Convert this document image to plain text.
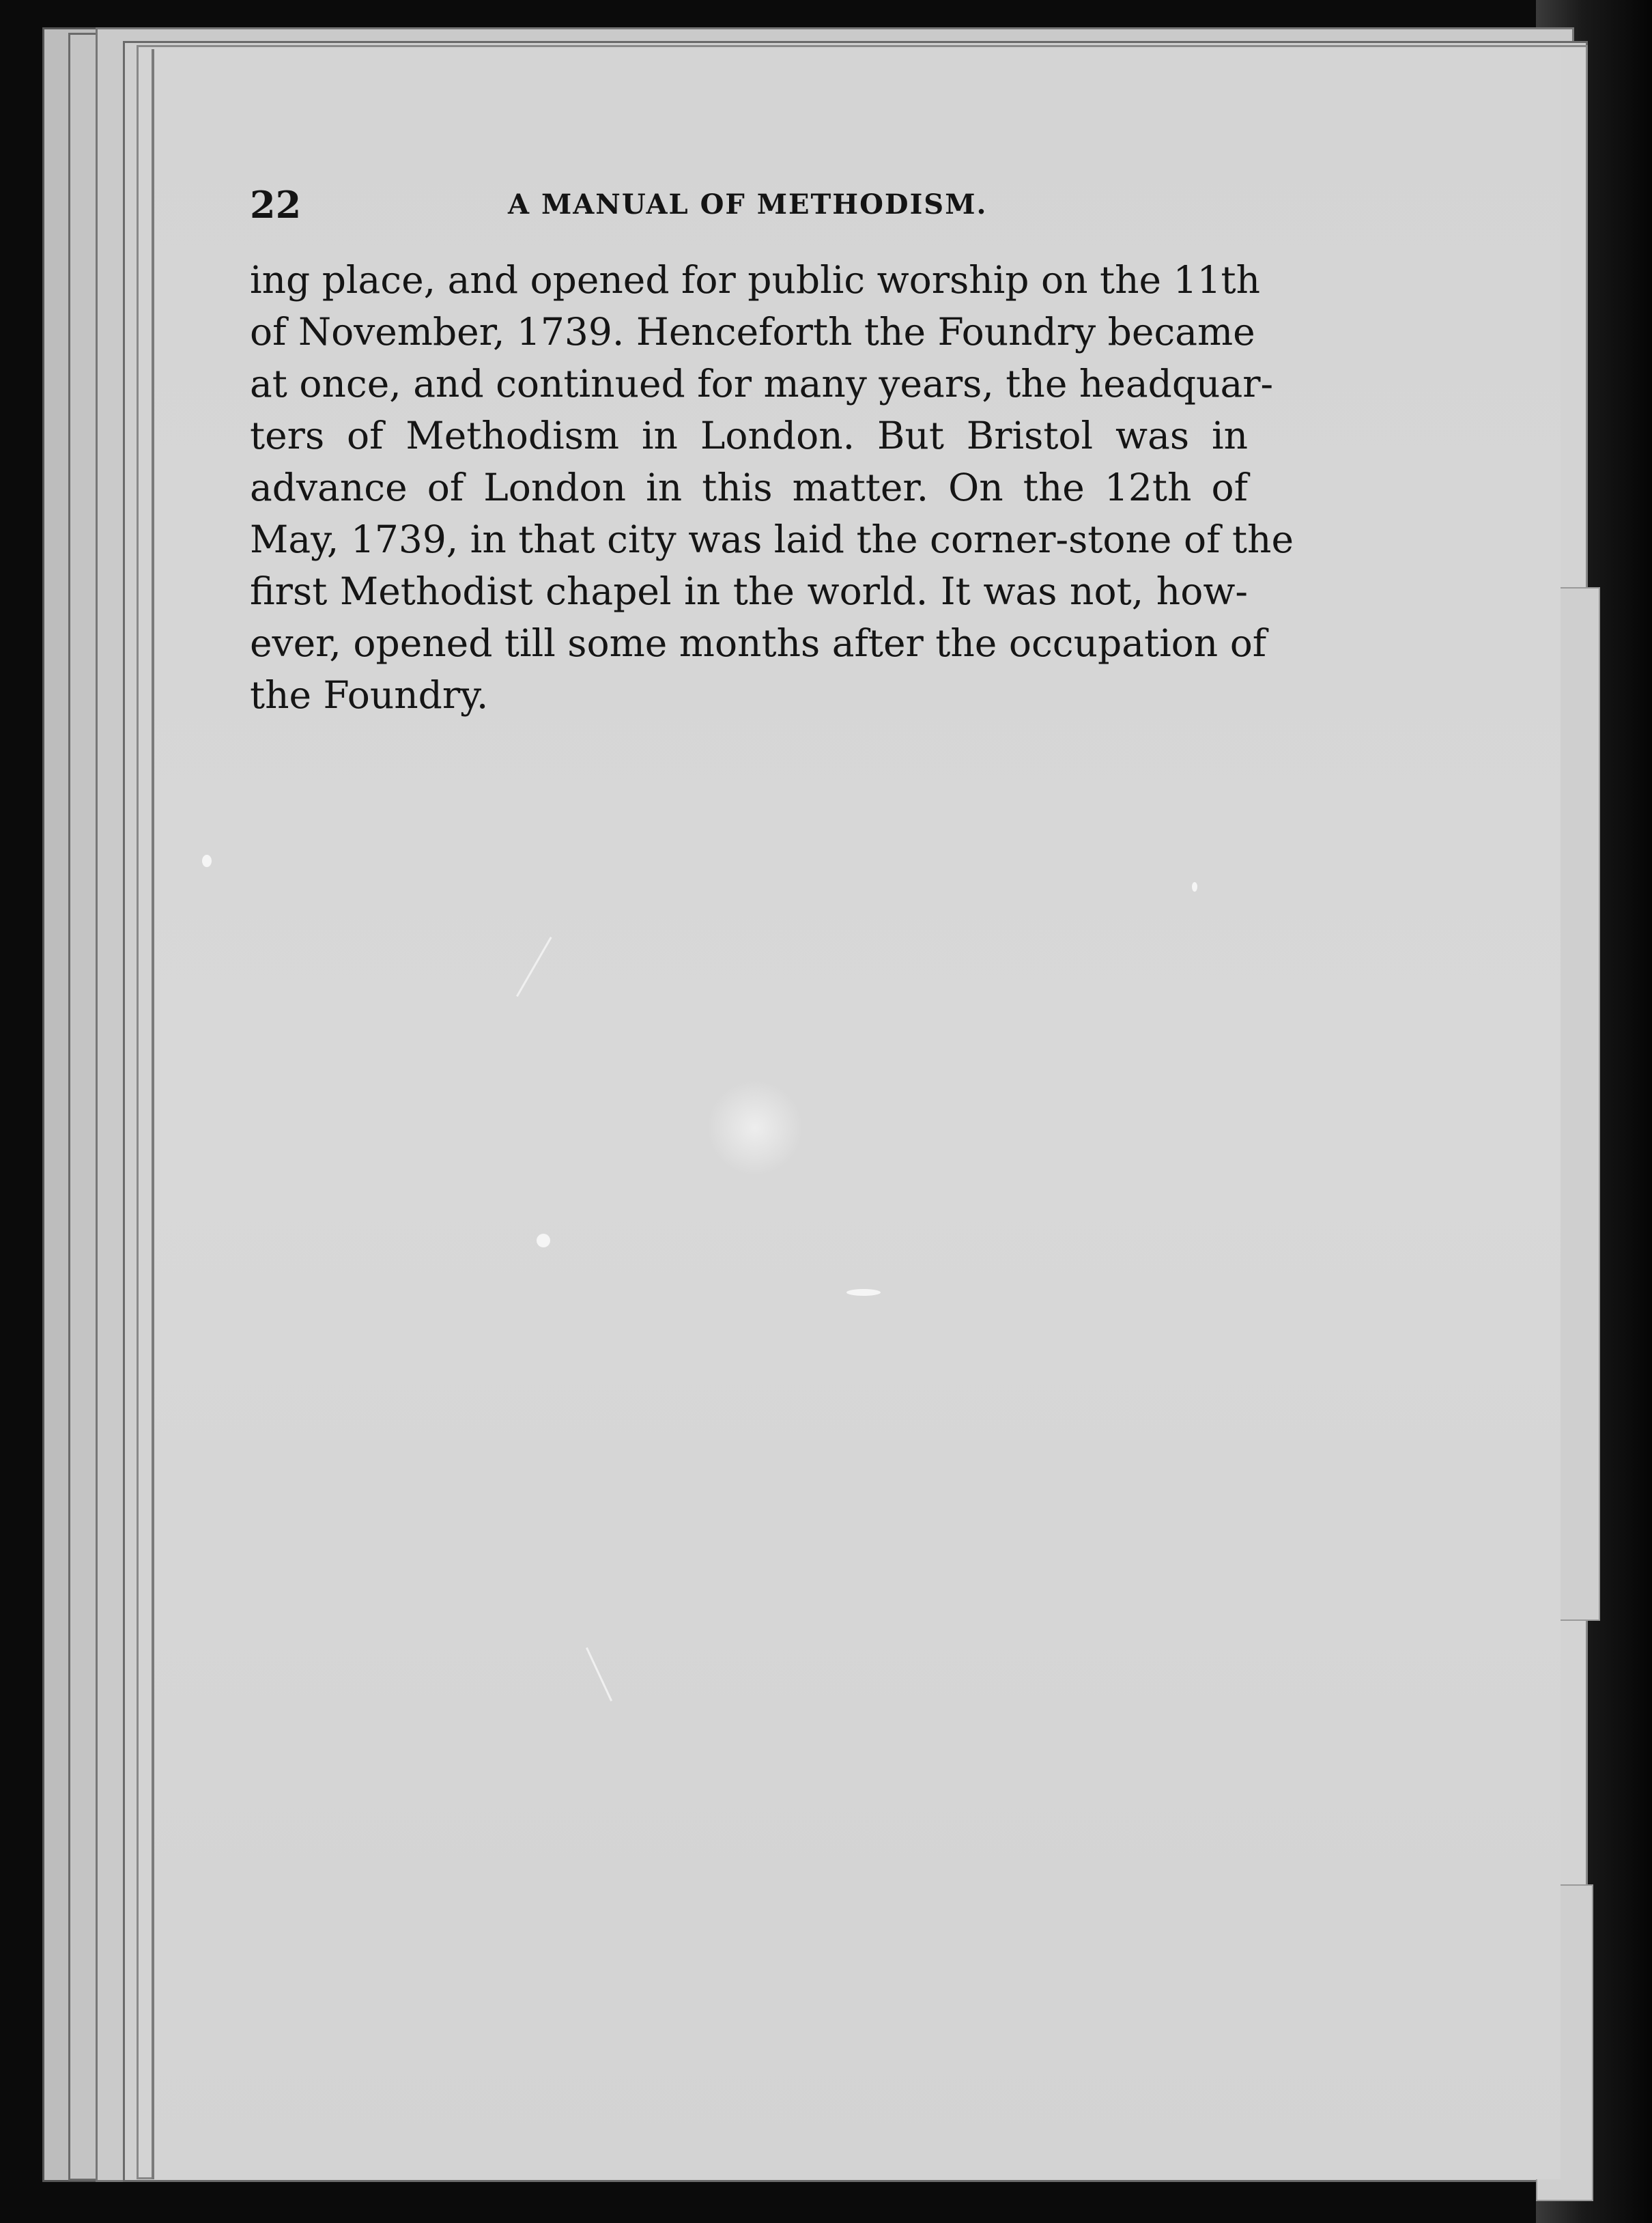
22	A MANUAL OF METHODISM.
ing place, and opened for public worship on the 11th
of November, 1739. Henceforth the Foundry became
at once, and continued for many years, the headquar-
ters of Methodism in London. But Bristol was in
advance of London in this matter. On the 12th of
May, 1739, in that city was laid the corner-stone of the
first Methodist chapel in the world. It was not, how-
ever, opened till some months after the occupation of
the Foundry.
